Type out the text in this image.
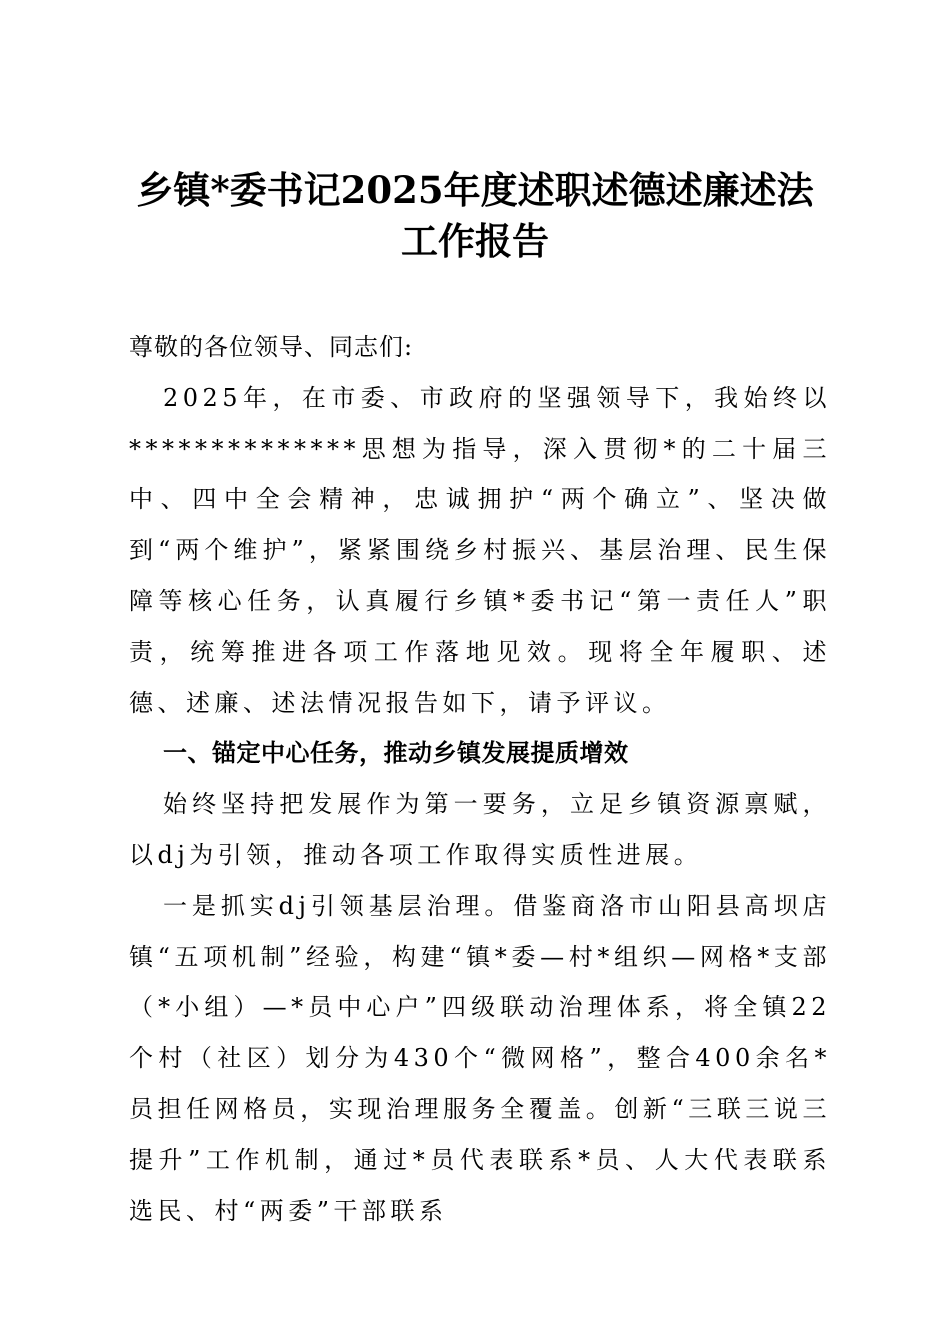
乡镇*委书记2025年度述职述德述廉述法
工作报告

尊敬的各位领导、同志们:

2025年，在市委、市政府的坚强领导下，我始终以**************思想为指导，深入贯彻*的二十届三中、四中全会精神，忠诚拥护“两个确立”、坚决做到“两个维护”，紧紧围绕乡村振兴、基层治理、民生保障等核心任务，认真履行乡镇*委书记“第一责任人”职责，统筹推进各项工作落地见效。现将全年履职、述德、述廉、述法情况报告如下，请予评议。

一、锚定中心任务，推动乡镇发展提质增效

始终坚持把发展作为第一要务，立足乡镇资源禀赋，以dj为引领，推动各项工作取得实质性进展。

一是抓实dj引领基层治理。借鉴商洛市山阳县高坝店镇“五项机制”经验，构建“镇*委—村*组织—网格*支部（*小组）—*员中心户”四级联动治理体系，将全镇22个村（社区）划分为430个“微网格”，整合400余名*员担任网格员，实现治理服务全覆盖。创新“三联三说三提升”工作机制，通过*员代表联系*员、人大代表联系选民、村“两委”干部联系
